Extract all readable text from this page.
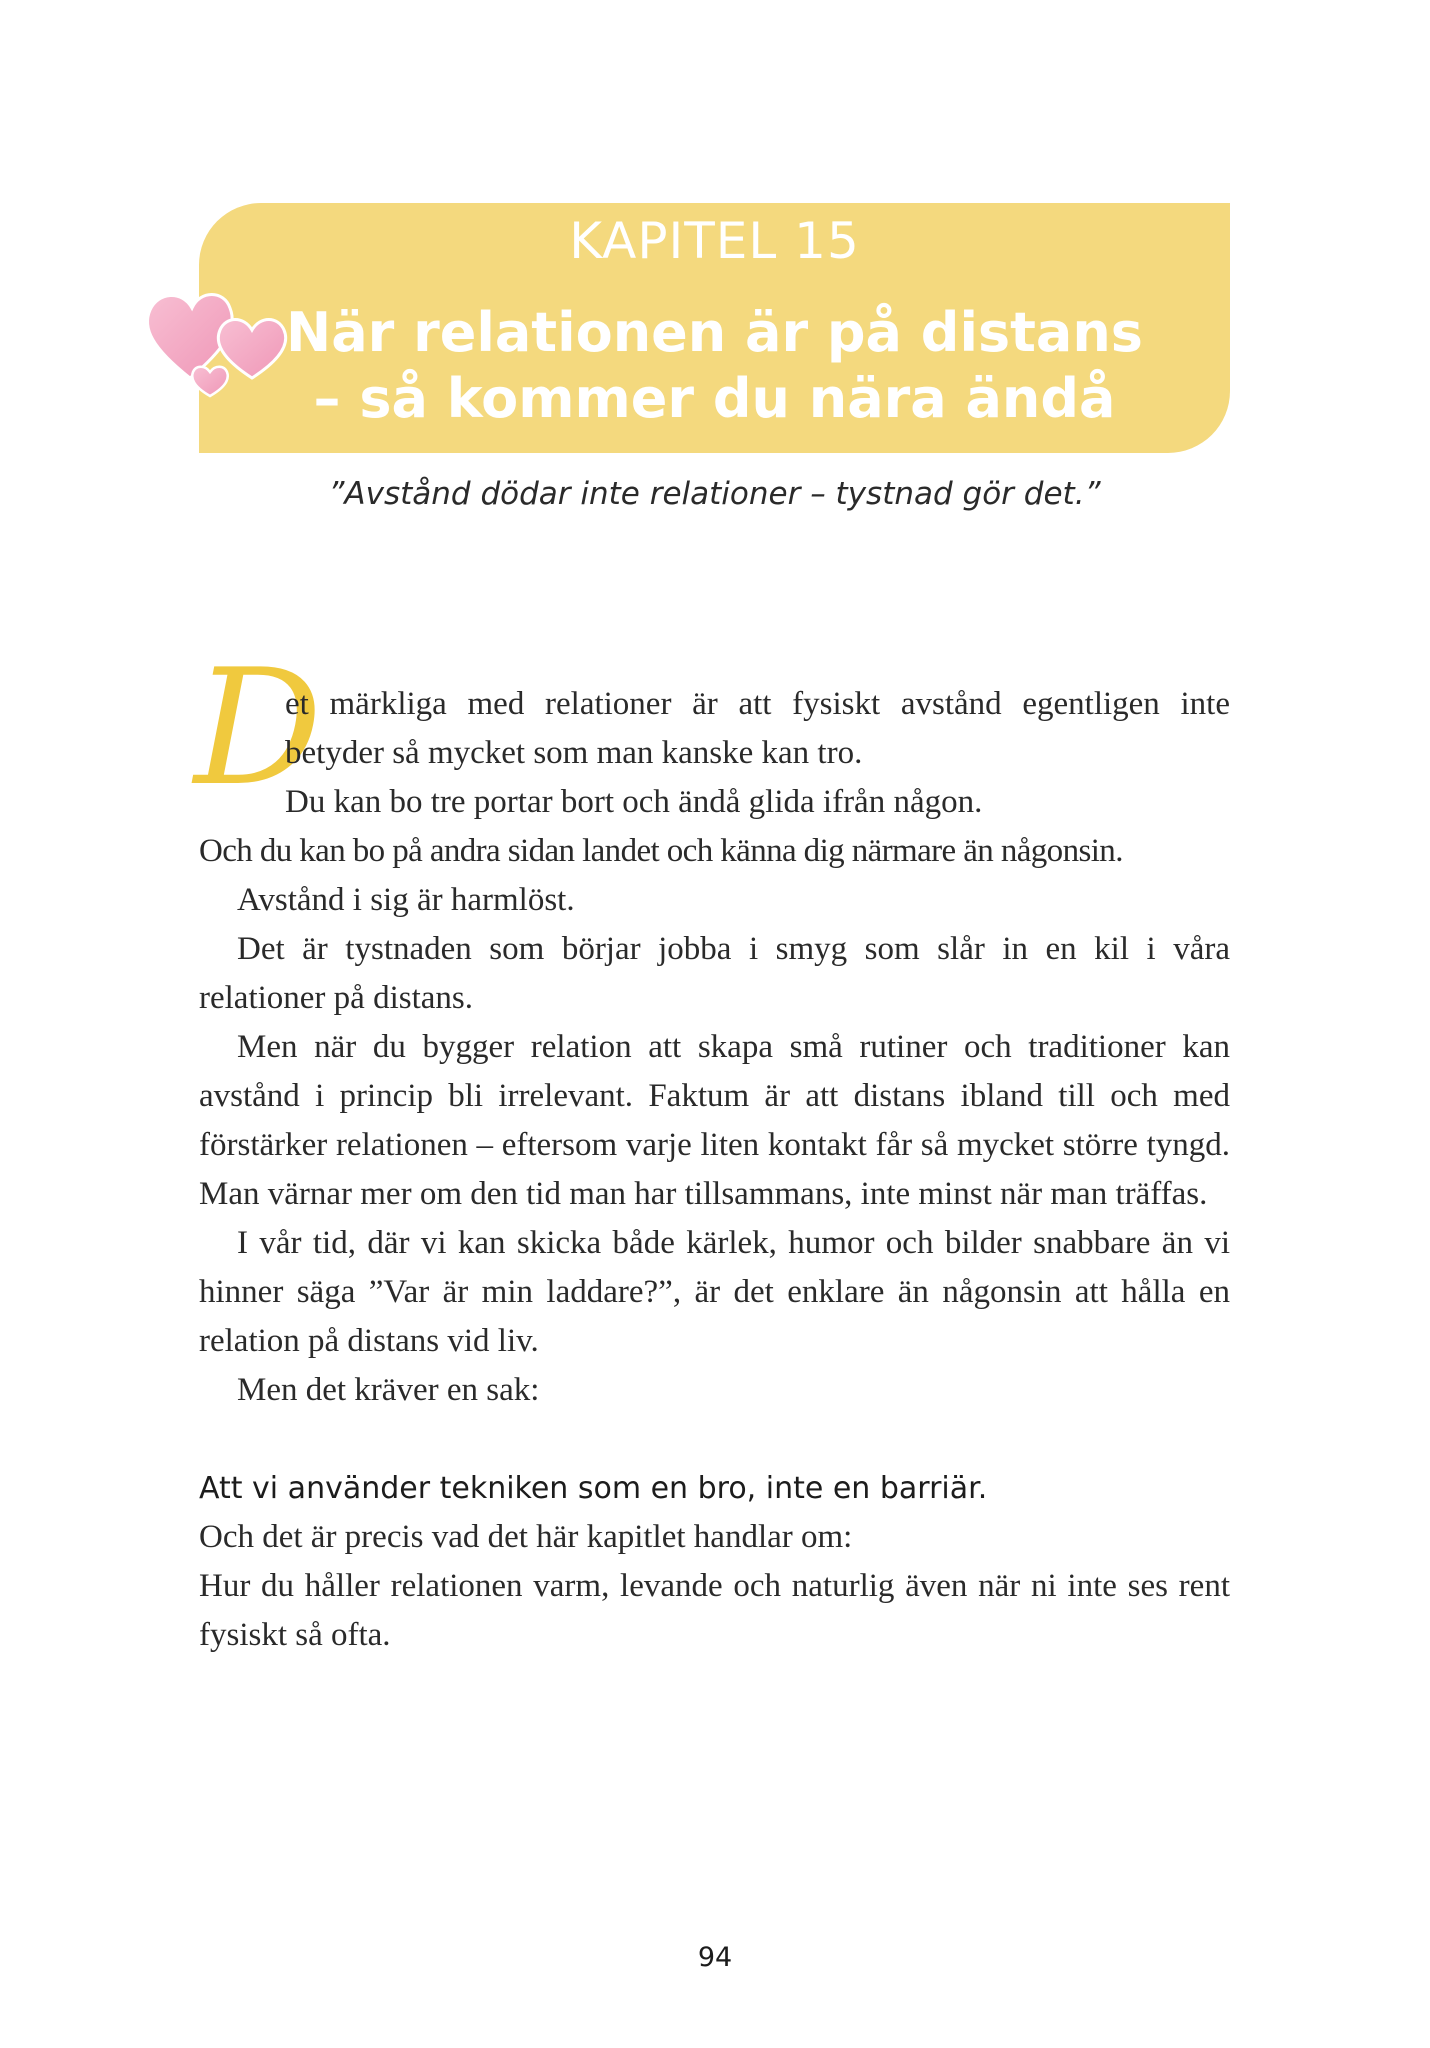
KAPITEL 15
När relationen är på distans
– så kommer du nära ändå
”Avstånd dödar inte relationer – tystnad gör det.”
D

et märkliga med relationer är att fysiskt avstånd egentligen inte

betyder så mycket som man kanske kan tro.

Du kan bo tre portar bort och ändå glida ifrån någon.

Och du kan bo på andra sidan landet och känna dig närmare än någonsin.

Avstånd i sig är harmlöst.

Det är tystnaden som börjar jobba i smyg som slår in en kil i våra relationer på distans.

Men när du bygger relation att skapa små rutiner och traditioner kan avstånd i princip bli irrelevant. Faktum är att distans ibland till och med förstärker relationen – eftersom varje liten kontakt får så mycket större tyngd. Man värnar mer om den tid man har tillsammans, inte minst när man träffas.

I vår tid, där vi kan skicka både kärlek, humor och bilder snabbare än vi hinner säga ”Var är min laddare?”, är det enklare än någonsin att hålla en relation på distans vid liv.

Men det kräver en sak:

Att vi använder tekniken som en bro, inte en barriär.

Och det är precis vad det här kapitlet handlar om:

Hur du håller relationen varm, levande och naturlig även när ni inte ses rent fysiskt så ofta.

94
